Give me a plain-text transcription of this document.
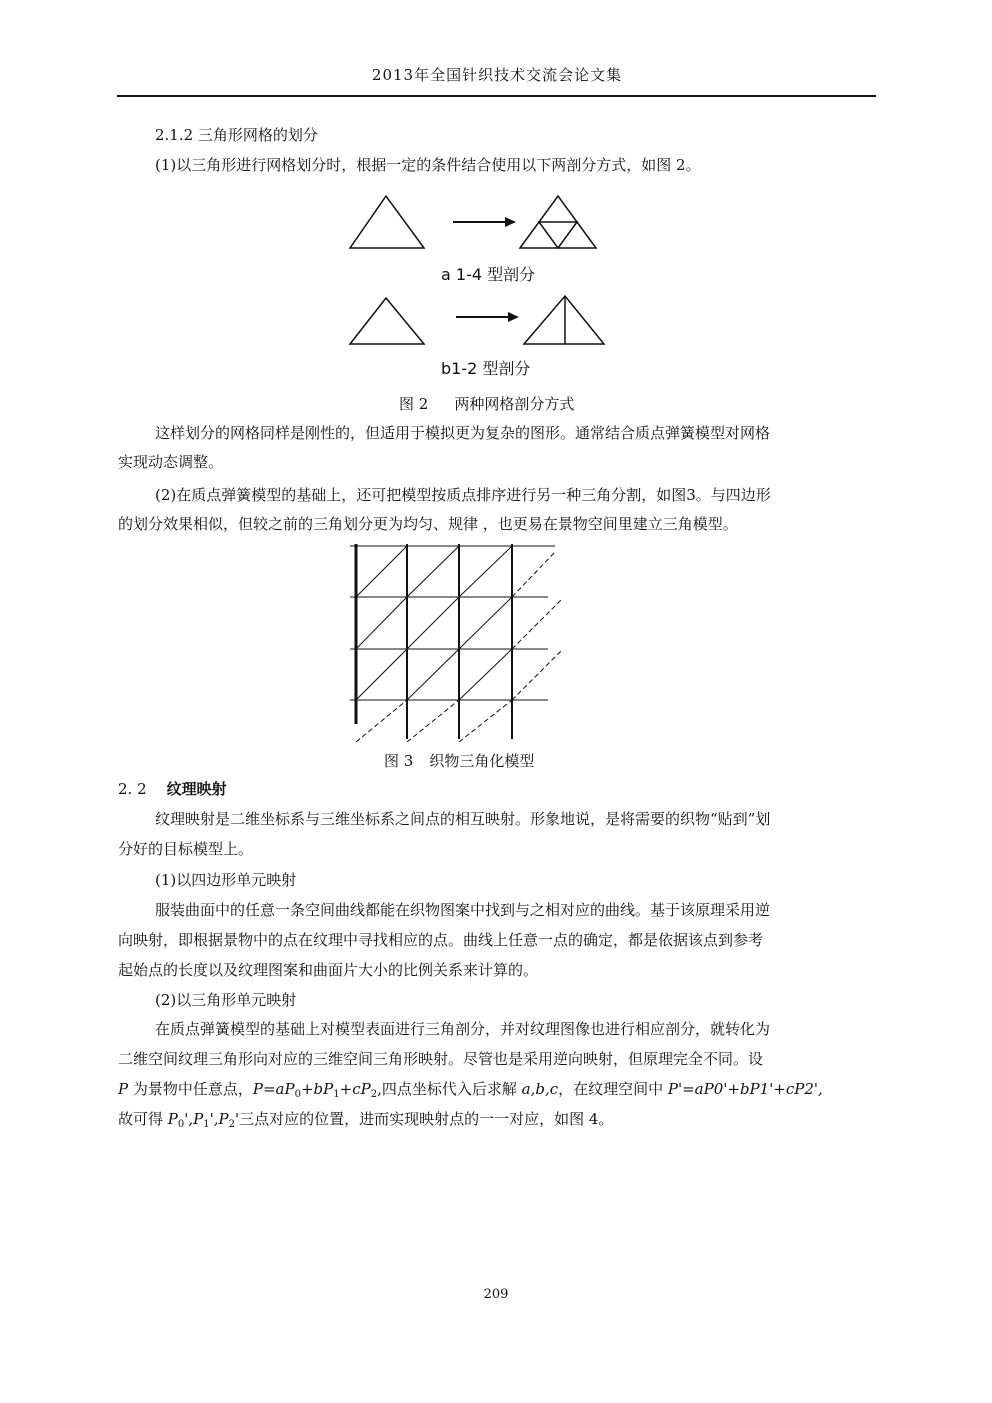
2013年全国针织技术交流会论文集
2.1.2 三角形网格的划分
(1)以三角形进行网格划分时，根据一定的条件结合使用以下两剖分方式，如图 2。
a 1-4 型剖分
b1-2 型剖分
图 2 两种网格剖分方式
这样划分的网格同样是刚性的，但适用于模拟更为复杂的图形。通常结合质点弹簧模型对网格
实现动态调整。
(2)在质点弹簧模型的基础上，还可把模型按质点排序进行另一种三角分割，如图3。与四边形
的划分效果相似，但较之前的三角划分更为均匀、规律 ，也更易在景物空间里建立三角模型。
图 3 织物三角化模型
2. 2 纹理映射
纹理映射是二维坐标系与三维坐标系之间点的相互映射。形象地说，是将需要的织物“贴到”划
分好的目标模型上。
(1)以四边形单元映射
服装曲面中的任意一条空间曲线都能在织物图案中找到与之相对应的曲线。基于该原理采用逆
向映射，即根据景物中的点在纹理中寻找相应的点。曲线上任意一点的确定，都是依据该点到参考
起始点的长度以及纹理图案和曲面片大小的比例关系来计算的。
(2)以三角形单元映射
在质点弹簧模型的基础上对模型表面进行三角剖分，并对纹理图像也进行相应剖分，就转化为
二维空间纹理三角形向对应的三维空间三角形映射。尽管也是采用逆向映射，但原理完全不同。设
P 为景物中任意点，$P=aP_0+bP_1+cP_2$,四点坐标代入后求解 a,b,c，在纹理空间中 P'=aP0'+bP1'+cP2',
故可得 $P_0',P_1',P_2'$三点对应的位置，进而实现映射点的一一对应，如图 4。
209
